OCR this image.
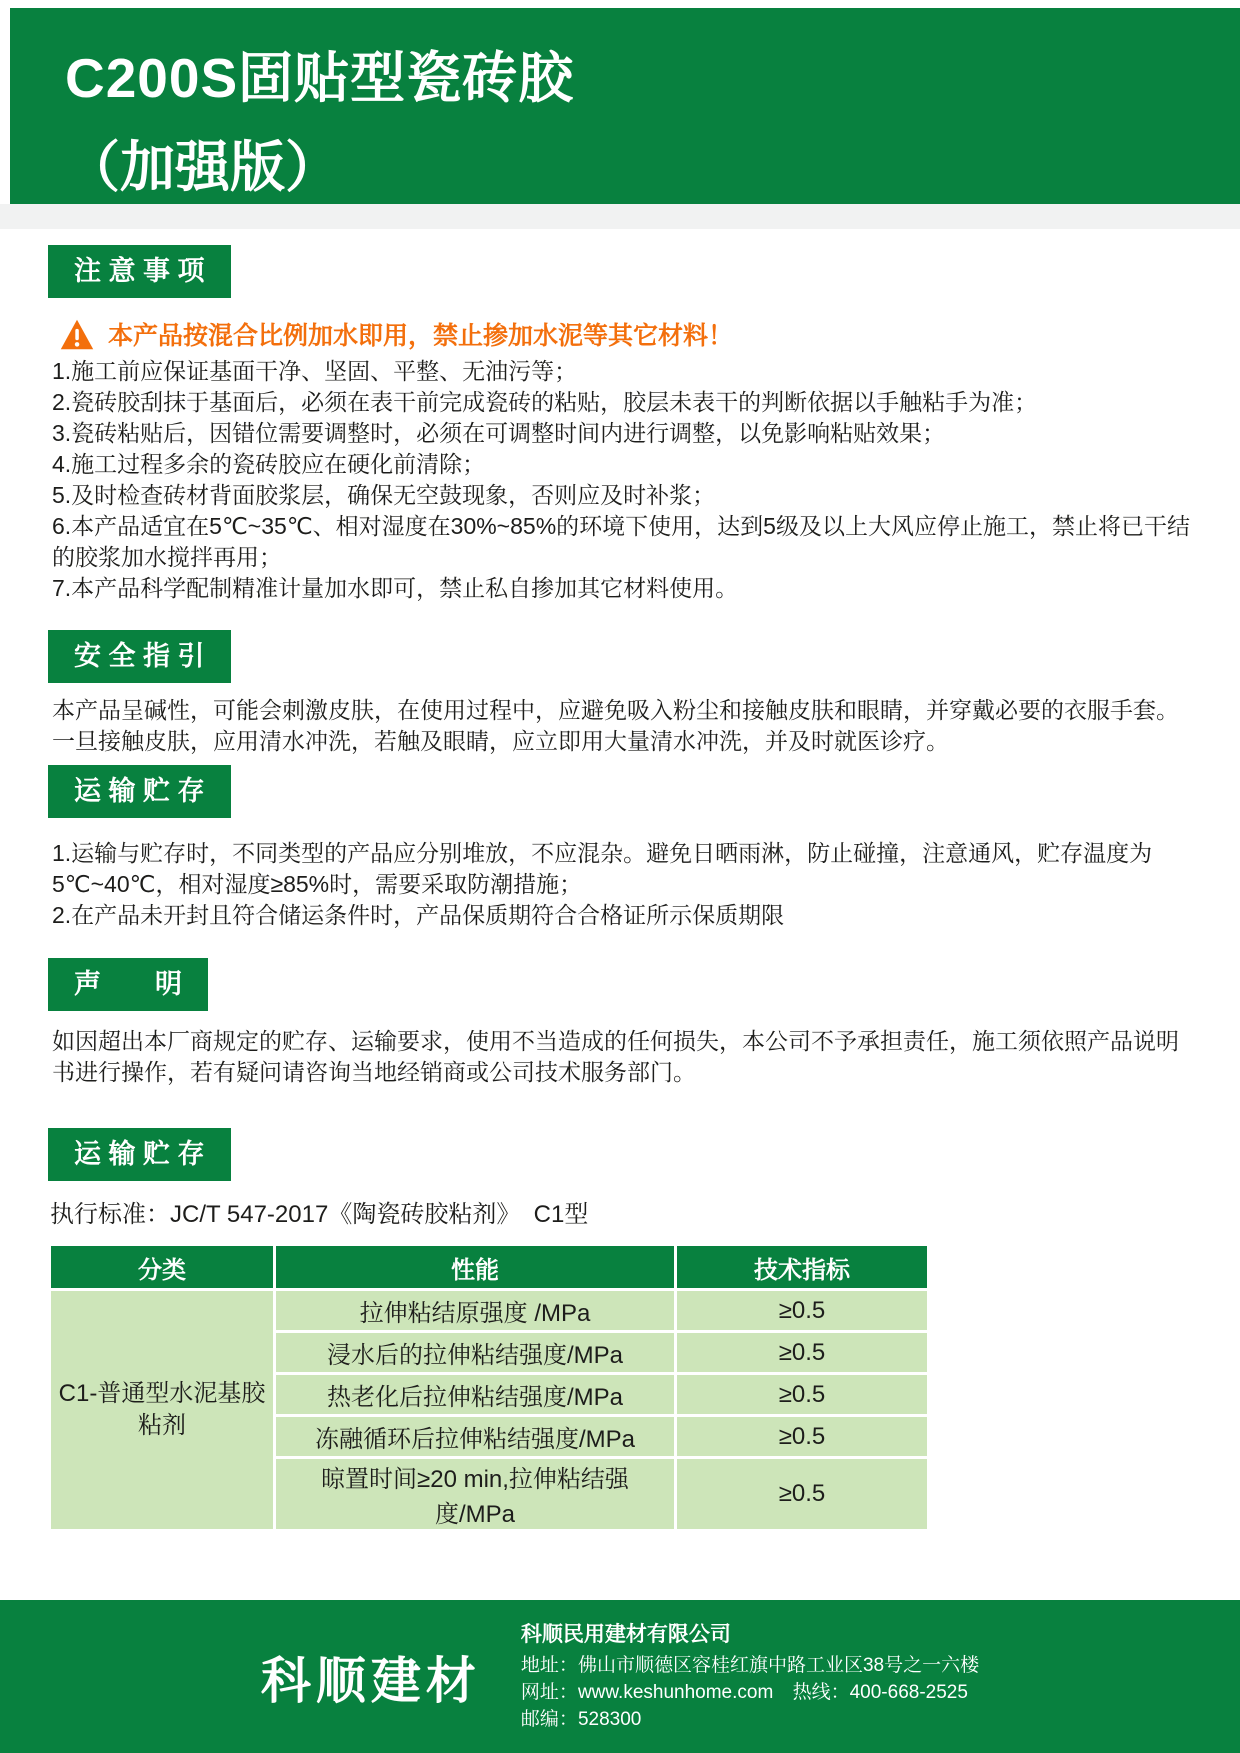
C200S固贴型瓷砖胶
（加强版）
注 意 事 项
本产品按混合比例加水即用，禁止掺加水泥等其它材料！
1.施工前应保证基面干净、坚固、平整、无油污等；
2.瓷砖胶刮抹于基面后，必须在表干前完成瓷砖的粘贴，胶层未表干的判断依据以手触粘手为准；
3.瓷砖粘贴后，因错位需要调整时，必须在可调整时间内进行调整，以免影响粘贴效果；
4.施工过程多余的瓷砖胶应在硬化前清除；
5.及时检查砖材背面胶浆层，确保无空鼓现象，否则应及时补浆；
6.本产品适宜在5℃~35℃、相对湿度在30%~85%的环境下使用，达到5级及以上大风应停止施工，禁止将已干结的胶浆加水搅拌再用；
7.本产品科学配制精准计量加水即可，禁止私自掺加其它材料使用。
安 全 指 引
本产品呈碱性，可能会刺激皮肤，在使用过程中，应避免吸入粉尘和接触皮肤和眼睛，并穿戴必要的衣服手套。
一旦接触皮肤，应用清水冲洗，若触及眼睛，应立即用大量清水冲洗，并及时就医诊疗。
运 输 贮 存
1.运输与贮存时，不同类型的产品应分别堆放，不应混杂。避免日晒雨淋，防止碰撞，注意通风，贮存温度为5℃~40℃，相对湿度≥85%时，需要采取防潮措施；
2.在产品未开封且符合储运条件时，产品保质期符合合格证所示保质期限
声　　明
如因超出本厂商规定的贮存、运输要求，使用不当造成的任何损失，本公司不予承担责任，施工须依照产品说明书进行操作，若有疑问请咨询当地经销商或公司技术服务部门。
运 输 贮 存
执行标准：JC/T 547-2017《陶瓷砖胶粘剂》  C1型
分类	性能	技术指标
C1-普通型水泥基胶粘剂	拉伸粘结原强度 /MPa	≥0.5
	浸水后的拉伸粘结强度/MPa	≥0.5
	热老化后拉伸粘结强度/MPa	≥0.5
	冻融循环后拉伸粘结强度/MPa	≥0.5
	晾置时间≥20 min,拉伸粘结强度/MPa	≥0.5
科顺建材
科顺民用建材有限公司
地址：佛山市顺德区容桂红旗中路工业区38号之一六楼
网址：www.keshunhome.com 热线：400-668-2525
邮编：528300
